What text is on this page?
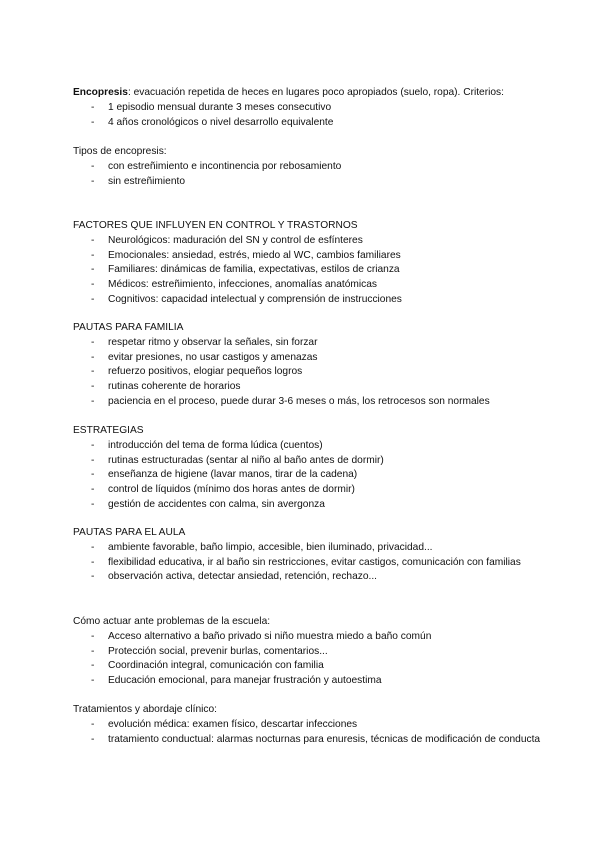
Encopresis: evacuación repetida de heces en lugares poco apropiados (suelo, ropa). Criterios:

- 1 episodio mensual durante 3 meses consecutivo
- 4 años cronológicos o nivel desarrollo equivalente

Tipos de encopresis:

- con estreñimiento e incontinencia por rebosamiento
- sin estreñimiento

FACTORES QUE INFLUYEN EN CONTROL Y TRASTORNOS

- Neurológicos: maduración del SN y control de esfínteres
- Emocionales: ansiedad, estrés, miedo al WC, cambios familiares
- Familiares: dinámicas de familia, expectativas, estilos de crianza
- Médicos: estreñimiento, infecciones, anomalías anatómicas
- Cognitivos: capacidad intelectual y comprensión de instrucciones

PAUTAS PARA FAMILIA

- respetar ritmo y observar la señales, sin forzar
- evitar presiones, no usar castigos y amenazas
- refuerzo positivos, elogiar pequeños logros
- rutinas coherente de horarios
- paciencia en el proceso, puede durar 3-6 meses o más, los retrocesos son normales

ESTRATEGIAS

- introducción del tema de forma lúdica (cuentos)
- rutinas estructuradas (sentar al niño al baño antes de dormir)
- enseñanza de higiene (lavar manos, tirar de la cadena)
- control de líquidos (mínimo dos horas antes de dormir)
- gestión de accidentes con calma, sin avergonza

PAUTAS PARA EL AULA

- ambiente favorable, baño limpio, accesible, bien iluminado, privacidad...
- flexibilidad educativa, ir al baño sin restricciones, evitar castigos, comunicación con familias
- observación activa, detectar ansiedad, retención, rechazo...

Cómo actuar ante problemas de la escuela:

- Acceso alternativo a baño privado si niño muestra miedo a baño común
- Protección social, prevenir burlas, comentarios...
- Coordinación integral, comunicación con familia
- Educación emocional, para manejar frustración y autoestima

Tratamientos y abordaje clínico:

- evolución médica: examen físico, descartar infecciones
- tratamiento conductual: alarmas nocturnas para enuresis, técnicas de modificación de conducta
